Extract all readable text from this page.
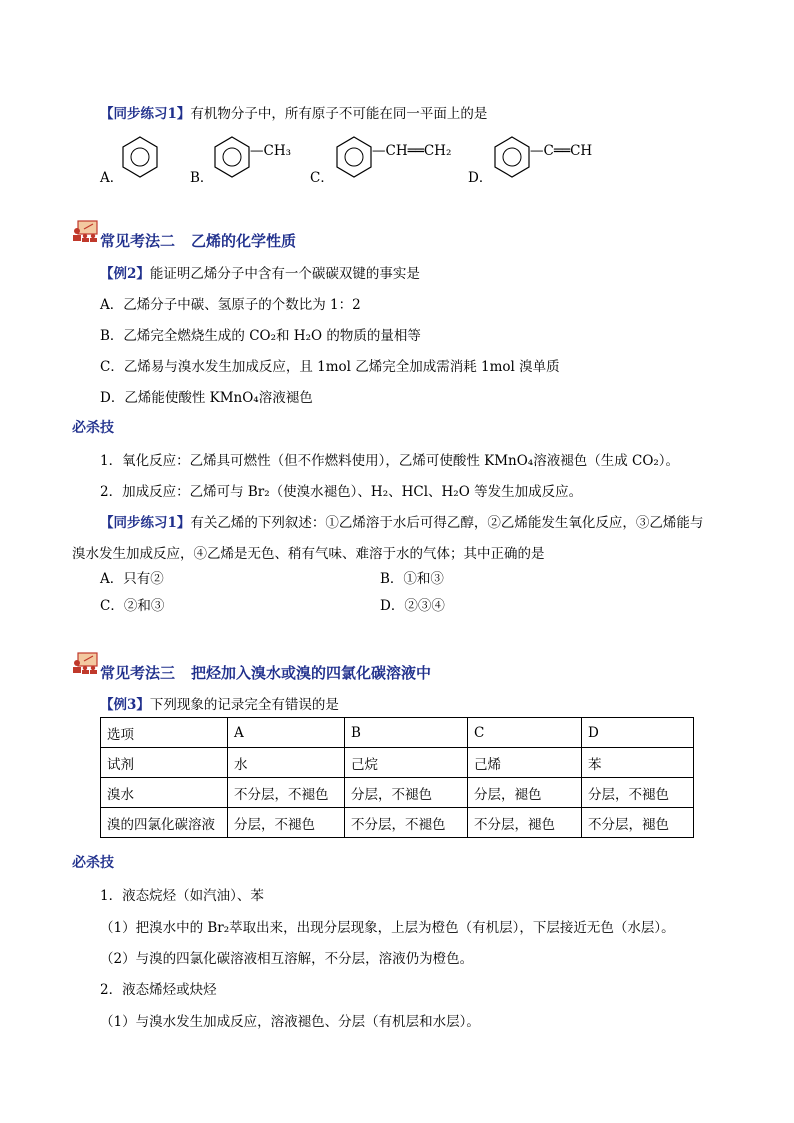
【同步练习1】有机物分子中，所有原子不可能在同一平面上的是
A．	B．
—CH₃
C．
—CH══CH₂
D．
—C══CH
常见考法二 乙烯的化学性质
【例2】能证明乙烯分子中含有一个碳碳双键的事实是
A．乙烯分子中碳、氢原子的个数比为 1：2
B．乙烯完全燃烧生成的 CO₂和 H₂O 的物质的量相等
C．乙烯易与溴水发生加成反应，且 1mol 乙烯完全加成需消耗 1mol 溴单质
D．乙烯能使酸性 KMnO₄溶液褪色
必杀技
1．氧化反应：乙烯具可燃性（但不作燃料使用），乙烯可使酸性 KMnO₄溶液褪色（生成 CO₂）。
2．加成反应：乙烯可与 Br₂（使溴水褪色）、H₂、HCl、H₂O 等发生加成反应。
【同步练习1】有关乙烯的下列叙述：①乙烯溶于水后可得乙醇，②乙烯能发生氧化反应，③乙烯能与
溴水发生加成反应，④乙烯是无色、稍有气味、难溶于水的气体；其中正确的是
A．只有②	B．①和③
C．②和③	D．②③④
常见考法三 把烃加入溴水或溴的四氯化碳溶液中
【例3】下列现象的记录完全有错误的是
选项	A	B	C	D
试剂	水	己烷	己烯	苯
溴水	不分层，不褪色	分层，不褪色	分层，褪色	分层，不褪色
溴的四氯化碳溶液	分层，不褪色	不分层，不褪色	不分层，褪色	不分层，褪色
必杀技
1．液态烷烃（如汽油）、苯
（1）把溴水中的 Br₂萃取出来，出现分层现象，上层为橙色（有机层），下层接近无色（水层）。
（2）与溴的四氯化碳溶液相互溶解，不分层，溶液仍为橙色。
2．液态烯烃或炔烃
（1）与溴水发生加成反应，溶液褪色、分层（有机层和水层）。
